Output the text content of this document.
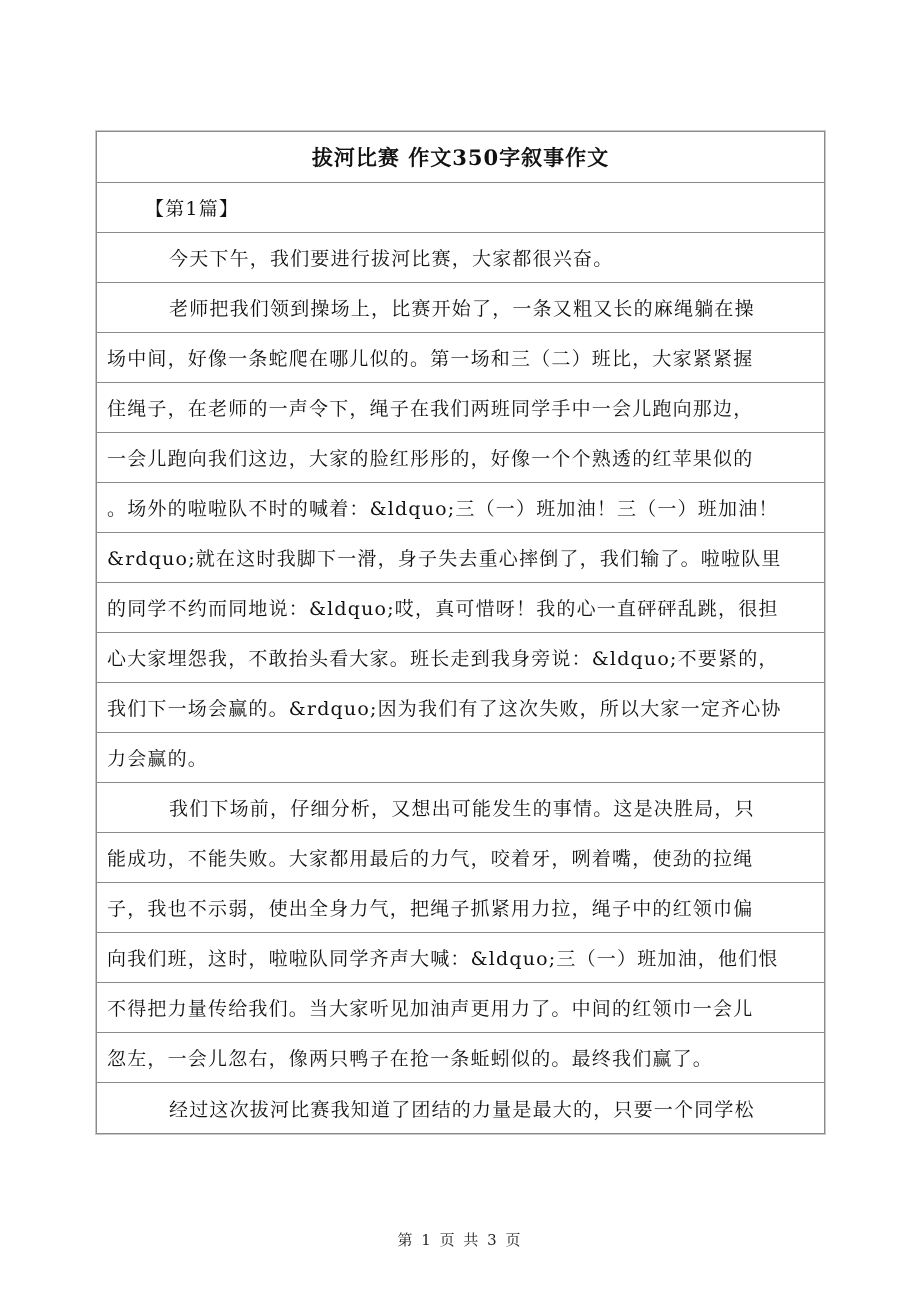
拔河比赛 作文350字叙事作文
【第1篇】
今天下午，我们要进行拔河比赛，大家都很兴奋。
老师把我们领到操场上，比赛开始了，一条又粗又长的麻绳躺在操
场中间，好像一条蛇爬在哪儿似的。第一场和三（二）班比，大家紧紧握
住绳子，在老师的一声令下，绳子在我们两班同学手中一会儿跑向那边，
一会儿跑向我们这边，大家的脸红彤彤的，好像一个个熟透的红苹果似的
。场外的啦啦队不时的喊着：&ldquo;三（一）班加油！三（一）班加油！
&rdquo;就在这时我脚下一滑，身子失去重心摔倒了，我们输了。啦啦队里
的同学不约而同地说：&ldquo;哎，真可惜呀！我的心一直砰砰乱跳，很担
心大家埋怨我，不敢抬头看大家。班长走到我身旁说：&ldquo;不要紧的，
我们下一场会赢的。&rdquo;因为我们有了这次失败，所以大家一定齐心协
力会赢的。
我们下场前，仔细分析，又想出可能发生的事情。这是决胜局，只
能成功，不能失败。大家都用最后的力气，咬着牙，咧着嘴，使劲的拉绳
子，我也不示弱，使出全身力气，把绳子抓紧用力拉，绳子中的红领巾偏
向我们班，这时，啦啦队同学齐声大喊：&ldquo;三（一）班加油，他们恨
不得把力量传给我们。当大家听见加油声更用力了。中间的红领巾一会儿
忽左，一会儿忽右，像两只鸭子在抢一条蚯蚓似的。最终我们赢了。
经过这次拔河比赛我知道了团结的力量是最大的，只要一个同学松
第 1 页 共 3 页
